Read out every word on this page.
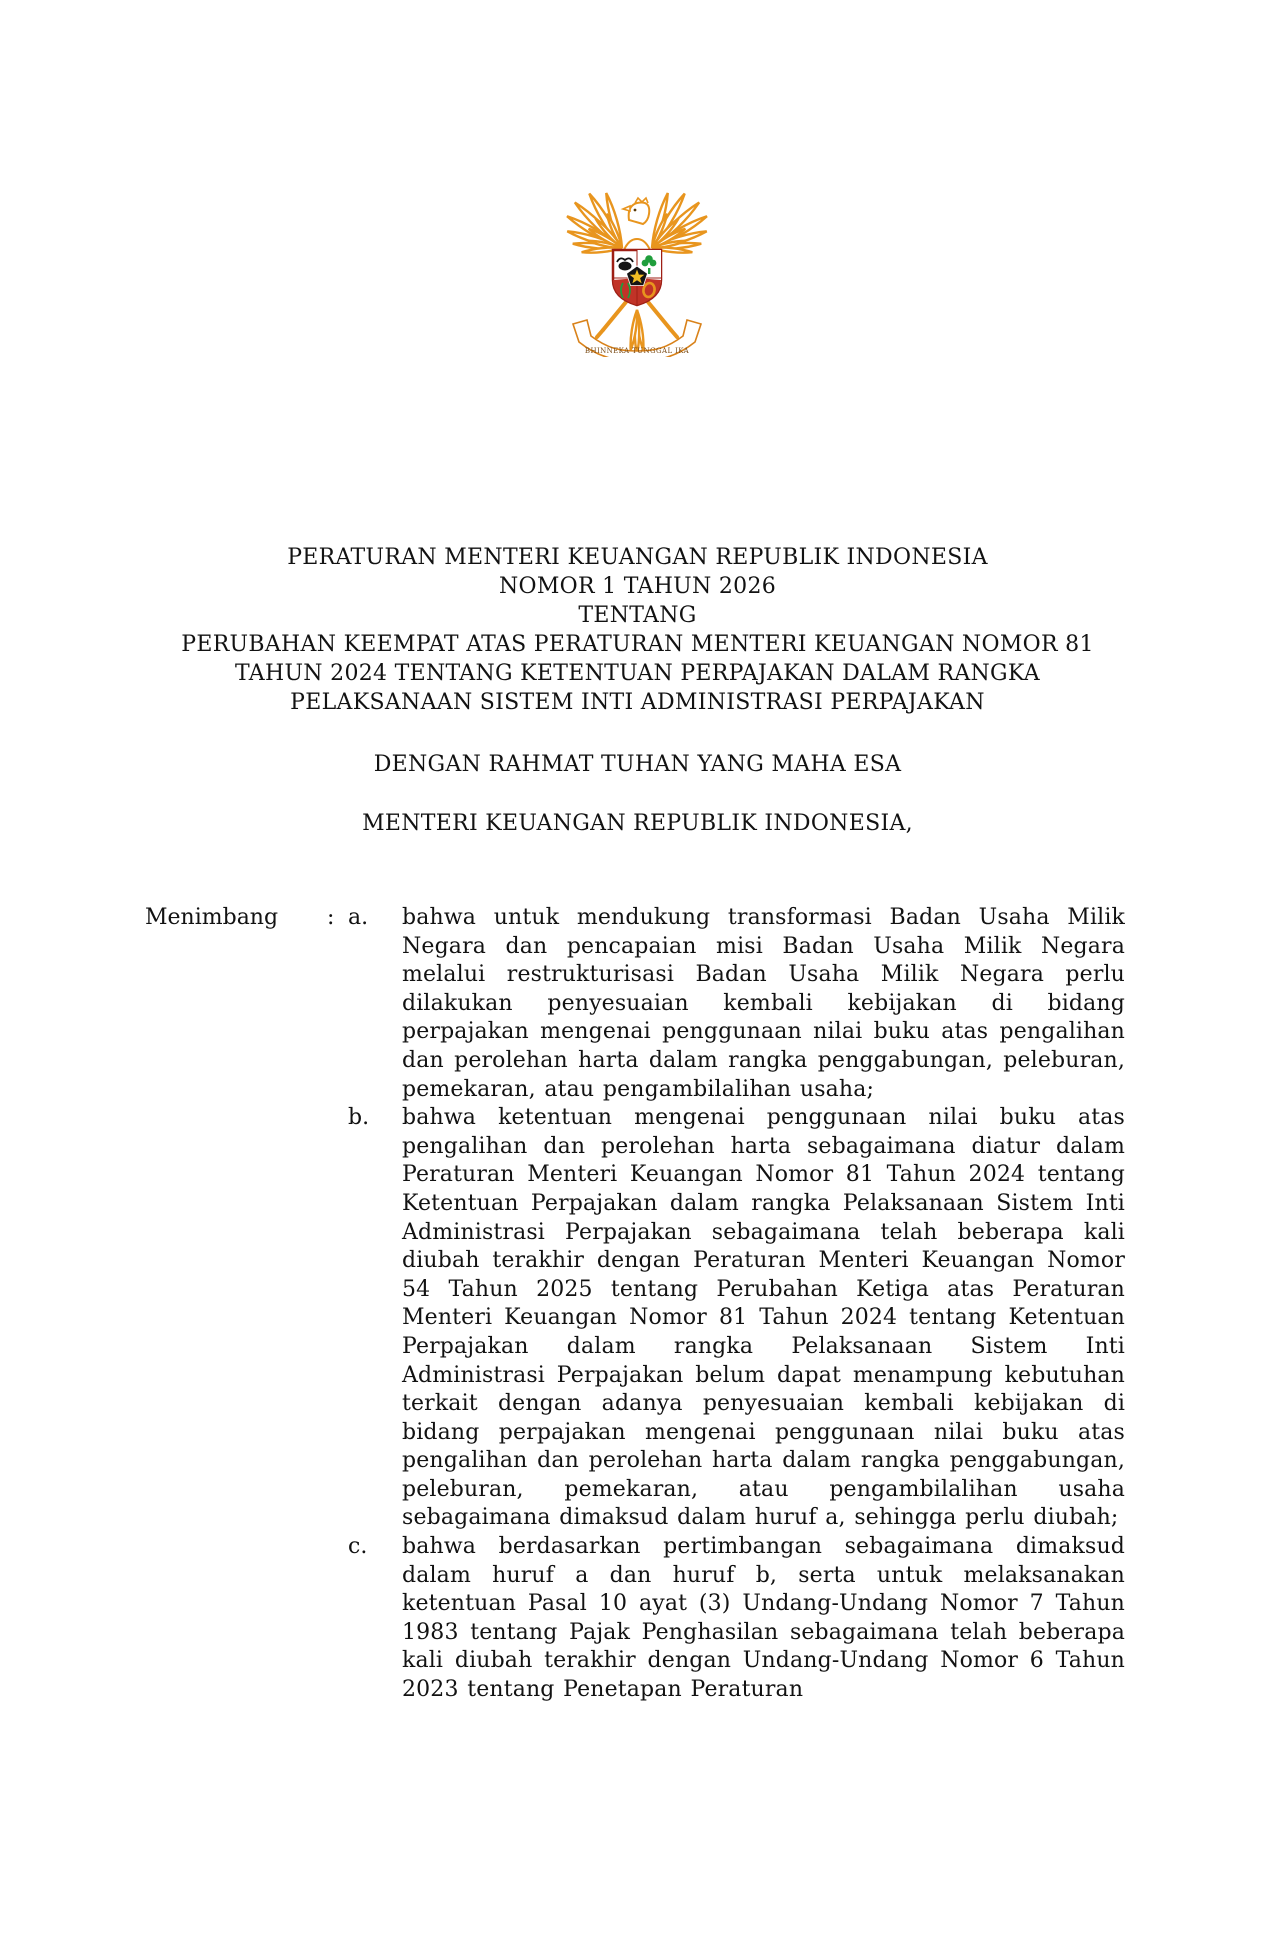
BHINNEKA TUNGGAL IKA
PERATURAN MENTERI KEUANGAN REPUBLIK INDONESIA
NOMOR 1 TAHUN 2026
TENTANG
PERUBAHAN KEEMPAT ATAS PERATURAN MENTERI KEUANGAN NOMOR 81
TAHUN 2024 TENTANG KETENTUAN PERPAJAKAN DALAM RANGKA
PELAKSANAAN SISTEM INTI ADMINISTRASI PERPAJAKAN
DENGAN RAHMAT TUHAN YANG MAHA ESA
MENTERI KEUANGAN REPUBLIK INDONESIA,
Menimbang	: a.	bahwa untuk mendukung transformasi Badan Usaha Milik Negara dan pencapaian misi Badan Usaha Milik Negara melalui restrukturisasi Badan Usaha Milik Negara perlu dilakukan penyesuaian kembali kebijakan di bidang perpajakan mengenai penggunaan nilai buku atas pengalihan dan perolehan harta dalam rangka penggabungan, peleburan, pemekaran, atau pengambilalihan usaha;
b.	bahwa ketentuan mengenai penggunaan nilai buku atas pengalihan dan perolehan harta sebagaimana diatur dalam Peraturan Menteri Keuangan Nomor 81 Tahun 2024 tentang Ketentuan Perpajakan dalam rangka Pelaksanaan Sistem Inti Administrasi Perpajakan sebagaimana telah beberapa kali diubah terakhir dengan Peraturan Menteri Keuangan Nomor 54 Tahun 2025 tentang Perubahan Ketiga atas Peraturan Menteri Keuangan Nomor 81 Tahun 2024 tentang Ketentuan Perpajakan dalam rangka Pelaksanaan Sistem Inti Administrasi Perpajakan belum dapat menampung kebutuhan terkait dengan adanya penyesuaian kembali kebijakan di bidang perpajakan mengenai penggunaan nilai buku atas pengalihan dan perolehan harta dalam rangka penggabungan, peleburan, pemekaran, atau pengambilalihan usaha sebagaimana dimaksud dalam huruf a, sehingga perlu diubah;
c.	bahwa berdasarkan pertimbangan sebagaimana dimaksud dalam huruf a dan huruf b, serta untuk melaksanakan ketentuan Pasal 10 ayat (3) Undang-Undang Nomor 7 Tahun 1983 tentang Pajak Penghasilan sebagaimana telah beberapa kali diubah terakhir dengan Undang-Undang Nomor 6 Tahun 2023 tentang Penetapan Peraturan
